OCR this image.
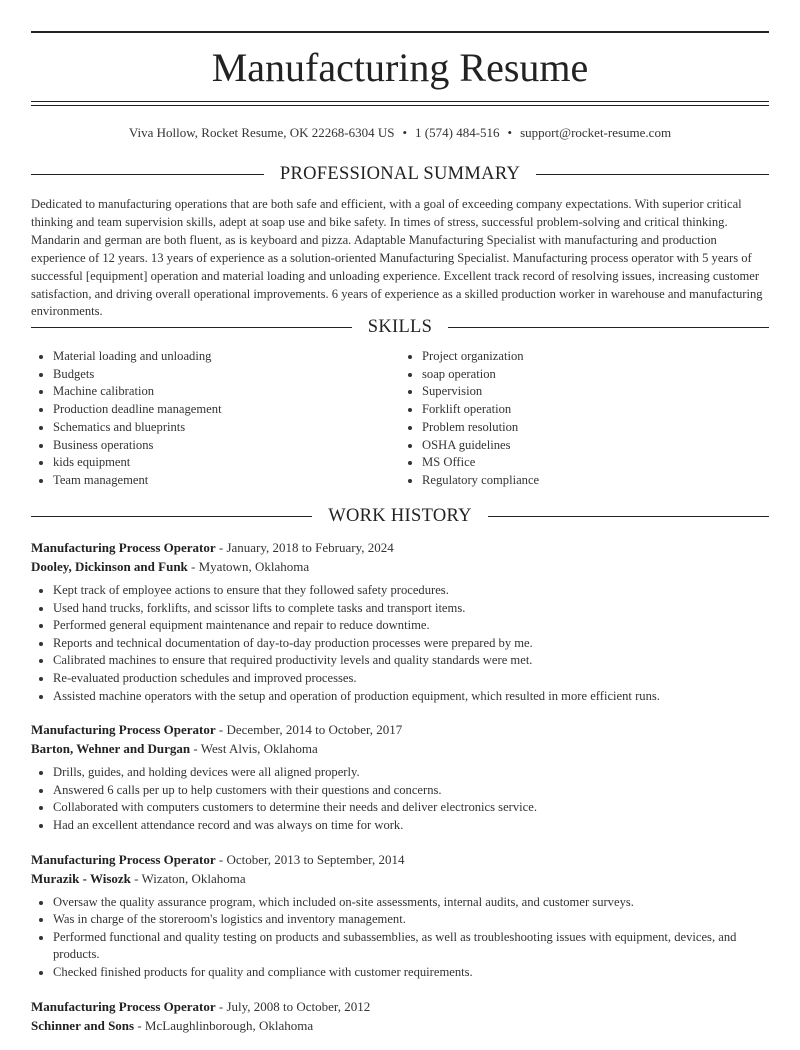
Manufacturing Resume
Viva Hollow, Rocket Resume, OK 22268-6304 US • 1 (574) 484-516 • support@rocket-resume.com
PROFESSIONAL SUMMARY

Dedicated to manufacturing operations that are both safe and efficient, with a goal of exceeding company expectations. With superior critical thinking and team supervision skills, adept at soap use and bike safety. In times of stress, successful problem-solving and critical thinking. Mandarin and german are both fluent, as is keyboard and pizza. Adaptable Manufacturing Specialist with manufacturing and production experience of 12 years. 13 years of experience as a solution-oriented Manufacturing Specialist. Manufacturing process operator with 5 years of successful [equipment] operation and material loading and unloading experience. Excellent track record of resolving issues, increasing customer satisfaction, and driving overall operational improvements. 6 years of experience as a skilled production worker in warehouse and manufacturing environments.

SKILLS
• Material loading and unloading
• Budgets
• Machine calibration
• Production deadline management
• Schematics and blueprints
• Business operations
• kids equipment
• Team management
• Project organization
• soap operation
• Supervision
• Forklift operation
• Problem resolution
• OSHA guidelines
• MS Office
• Regulatory compliance
WORK HISTORY
Manufacturing Process Operator - January, 2018 to February, 2024
Dooley, Dickinson and Funk - Myatown, Oklahoma
• Kept track of employee actions to ensure that they followed safety procedures.
• Used hand trucks, forklifts, and scissor lifts to complete tasks and transport items.
• Performed general equipment maintenance and repair to reduce downtime.
• Reports and technical documentation of day-to-day production processes were prepared by me.
• Calibrated machines to ensure that required productivity levels and quality standards were met.
• Re-evaluated production schedules and improved processes.
• Assisted machine operators with the setup and operation of production equipment, which resulted in more efficient runs.
Manufacturing Process Operator - December, 2014 to October, 2017
Barton, Wehner and Durgan - West Alvis, Oklahoma
• Drills, guides, and holding devices were all aligned properly.
• Answered 6 calls per up to help customers with their questions and concerns.
• Collaborated with computers customers to determine their needs and deliver electronics service.
• Had an excellent attendance record and was always on time for work.
Manufacturing Process Operator - October, 2013 to September, 2014
Murazik - Wisozk - Wizaton, Oklahoma
• Oversaw the quality assurance program, which included on-site assessments, internal audits, and customer surveys.
• Was in charge of the storeroom's logistics and inventory management.
• Performed functional and quality testing on products and subassemblies, as well as troubleshooting issues with equipment, devices, and products.
• Checked finished products for quality and compliance with customer requirements.
Manufacturing Process Operator - July, 2008 to October, 2012
Schinner and Sons - McLaughlinborough, Oklahoma
